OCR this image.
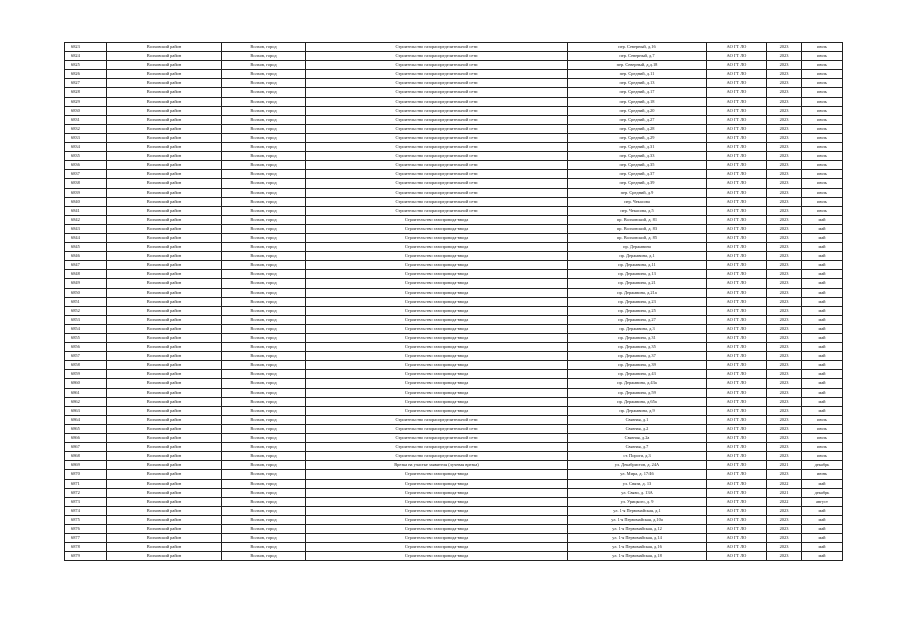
6823	Волховский район	Волхов, город	Строительство газораспределительной сети	пер. Северный, д.16	АО ГТ ЛО	2023	июль
6824	Волховский район	Волхов, город	Строительство газораспределительной сети	пер. Северный, д.7	АО ГТ ЛО	2023	июль
6825	Волховский район	Волхов, город	Строительство газораспределительной сети	пер. Северный, д.д.18	АО ГТ ЛО	2023	июль
6826	Волховский район	Волхов, город	Строительство газораспределительной сети	пер. Средний, д.11	АО ГТ ЛО	2023	июль
6827	Волховский район	Волхов, город	Строительство газораспределительной сети	пер. Средний, д.13	АО ГТ ЛО	2023	июль
6828	Волховский район	Волхов, город	Строительство газораспределительной сети	пер. Средний, д.17	АО ГТ ЛО	2023	июль
6829	Волховский район	Волхов, город	Строительство газораспределительной сети	пер. Средний, д.18	АО ГТ ЛО	2023	июль
6830	Волховский район	Волхов, город	Строительство газораспределительной сети	пер. Средний, д.20	АО ГТ ЛО	2023	июль
6831	Волховский район	Волхов, город	Строительство газораспределительной сети	пер. Средний, д.27	АО ГТ ЛО	2023	июль
6832	Волховский район	Волхов, город	Строительство газораспределительной сети	пер. Средний, д.28	АО ГТ ЛО	2023	июль
6833	Волховский район	Волхов, город	Строительство газораспределительной сети	пер. Средний, д.29	АО ГТ ЛО	2023	июль
6834	Волховский район	Волхов, город	Строительство газораспределительной сети	пер. Средний, д.31	АО ГТ ЛО	2023	июль
6835	Волховский район	Волхов, город	Строительство газораспределительной сети	пер. Средний, д.33	АО ГТ ЛО	2023	июль
6836	Волховский район	Волхов, город	Строительство газораспределительной сети	пер. Средний, д.35	АО ГТ ЛО	2023	июль
6837	Волховский район	Волхов, город	Строительство газораспределительной сети	пер. Средний, д.37	АО ГТ ЛО	2023	июль
6838	Волховский район	Волхов, город	Строительство газораспределительной сети	пер. Средний, д.39	АО ГТ ЛО	2023	июль
6839	Волховский район	Волхов, город	Строительство газораспределительной сети	пер. Средний, д.9	АО ГТ ЛО	2023	июль
6840	Волховский район	Волхов, город	Строительство газораспределительной сети	пер. Чекасова	АО ГТ ЛО	2023	июль
6841	Волховский район	Волхов, город	Строительство газораспределительной сети	пер. Чекасова, д.5	АО ГТ ЛО	2023	июль
6842	Волховский район	Волхов, город	Строительство газопровода-ввода	пр. Волховский, д. 81	АО ГТ ЛО	2023	май
6843	Волховский район	Волхов, город	Строительство газопровода-ввода	пр. Волховский, д. 83	АО ГТ ЛО	2023	май
6844	Волховский район	Волхов, город	Строительство газопровода-ввода	пр. Волховский, д. 85	АО ГТ ЛО	2023	май
6845	Волховский район	Волхов, город	Строительство газопровода-ввода	пр. Державина	АО ГТ ЛО	2023	май
6846	Волховский район	Волхов, город	Строительство газопровода-ввода	пр. Державина, д.1	АО ГТ ЛО	2023	май
6847	Волховский район	Волхов, город	Строительство газопровода-ввода	пр. Державина, д.11	АО ГТ ЛО	2023	май
6848	Волховский район	Волхов, город	Строительство газопровода-ввода	пр. Державина, д.13	АО ГТ ЛО	2023	май
6849	Волховский район	Волхов, город	Строительство газопровода-ввода	пр. Державина, д.21	АО ГТ ЛО	2023	май
6850	Волховский район	Волхов, город	Строительство газопровода-ввода	пр. Державина, д.21а	АО ГТ ЛО	2023	май
6851	Волховский район	Волхов, город	Строительство газопровода-ввода	пр. Державина, д.23	АО ГТ ЛО	2023	май
6852	Волховский район	Волхов, город	Строительство газопровода-ввода	пр. Державина, д.25	АО ГТ ЛО	2023	май
6853	Волховский район	Волхов, город	Строительство газопровода-ввода	пр. Державина, д.27	АО ГТ ЛО	2023	май
6854	Волховский район	Волхов, город	Строительство газопровода-ввода	пр. Державина, д.3	АО ГТ ЛО	2023	май
6855	Волховский район	Волхов, город	Строительство газопровода-ввода	пр. Державина, д.31	АО ГТ ЛО	2023	май
6856	Волховский район	Волхов, город	Строительство газопровода-ввода	пр. Державина, д.35	АО ГТ ЛО	2023	май
6857	Волховский район	Волхов, город	Строительство газопровода-ввода	пр. Державина, д.37	АО ГТ ЛО	2023	май
6858	Волховский район	Волхов, город	Строительство газопровода-ввода	пр. Державина, д.39	АО ГТ ЛО	2023	май
6859	Волховский район	Волхов, город	Строительство газопровода-ввода	пр. Державина, д.43	АО ГТ ЛО	2023	май
6860	Волховский район	Волхов, город	Строительство газопровода-ввода	пр. Державина, д.43а	АО ГТ ЛО	2023	май
6861	Волховский район	Волхов, город	Строительство газопровода-ввода	пр. Державина, д.59	АО ГТ ЛО	2023	май
6862	Волховский район	Волхов, город	Строительство газопровода-ввода	пр. Державина, д.65а	АО ГТ ЛО	2023	май
6863	Волховский район	Волхов, город	Строительство газопровода-ввода	пр. Державина, д.9	АО ГТ ЛО	2023	май
6864	Волховский район	Волхов, город	Строительство газораспределительной сети	Связная, д.1	АО ГТ ЛО	2023	июль
6865	Волховский район	Волхов, город	Строительство газораспределительной сети	Связная, д.2	АО ГТ ЛО	2023	июль
6866	Волховский район	Волхов, город	Строительство газораспределительной сети	Связная, д.2а	АО ГТ ЛО	2023	июль
6867	Волховский район	Волхов, город	Строительство газораспределительной сети	Связная, д.7	АО ГТ ЛО	2023	июль
6868	Волховский район	Волхов, город	Строительство газораспределительной сети	ст. Пороги, д.3	АО ГТ ЛО	2023	июль
6869	Волховский район	Волхов, город	Врезка на участке заявителя (лучевая врезка)	ул. Декабристов, д. 24А	АО ГТ ЛО	2021	декабрь
6870	Волховский район	Волхов, город	Строительство газопровода-ввода	ул. Мира, д. 17/46	АО ГТ ЛО	2023	июнь
6871	Волховский район	Волхов, город	Строительство газопровода-ввода	ул. Связи, д. 13	АО ГТ ЛО	2022	май
6872	Волховский район	Волхов, город	Строительство газопровода-ввода	ул. Связи, д. 13А	АО ГТ ЛО	2021	декабрь
6873	Волховский район	Волхов, город	Строительство газопровода-ввода	ул. Урицкого, д. 9	АО ГТ ЛО	2022	август
6874	Волховский район	Волхов, город	Строительство газопровода-ввода	ул. 1-я Первомайская, д.1	АО ГТ ЛО	2023	май
6875	Волховский район	Волхов, город	Строительство газопровода-ввода	ул. 1-я Первомайская, д.10а	АО ГТ ЛО	2023	май
6876	Волховский район	Волхов, город	Строительство газопровода-ввода	ул. 1-я Первомайская, д.12	АО ГТ ЛО	2023	май
6877	Волховский район	Волхов, город	Строительство газопровода-ввода	ул. 1-я Первомайская, д.14	АО ГТ ЛО	2023	май
6878	Волховский район	Волхов, город	Строительство газопровода-ввода	ул. 1-я Первомайская, д.16	АО ГТ ЛО	2023	май
6879	Волховский район	Волхов, город	Строительство газопровода-ввода	ул. 1-я Первомайская, д.18	АО ГТ ЛО	2023	май
